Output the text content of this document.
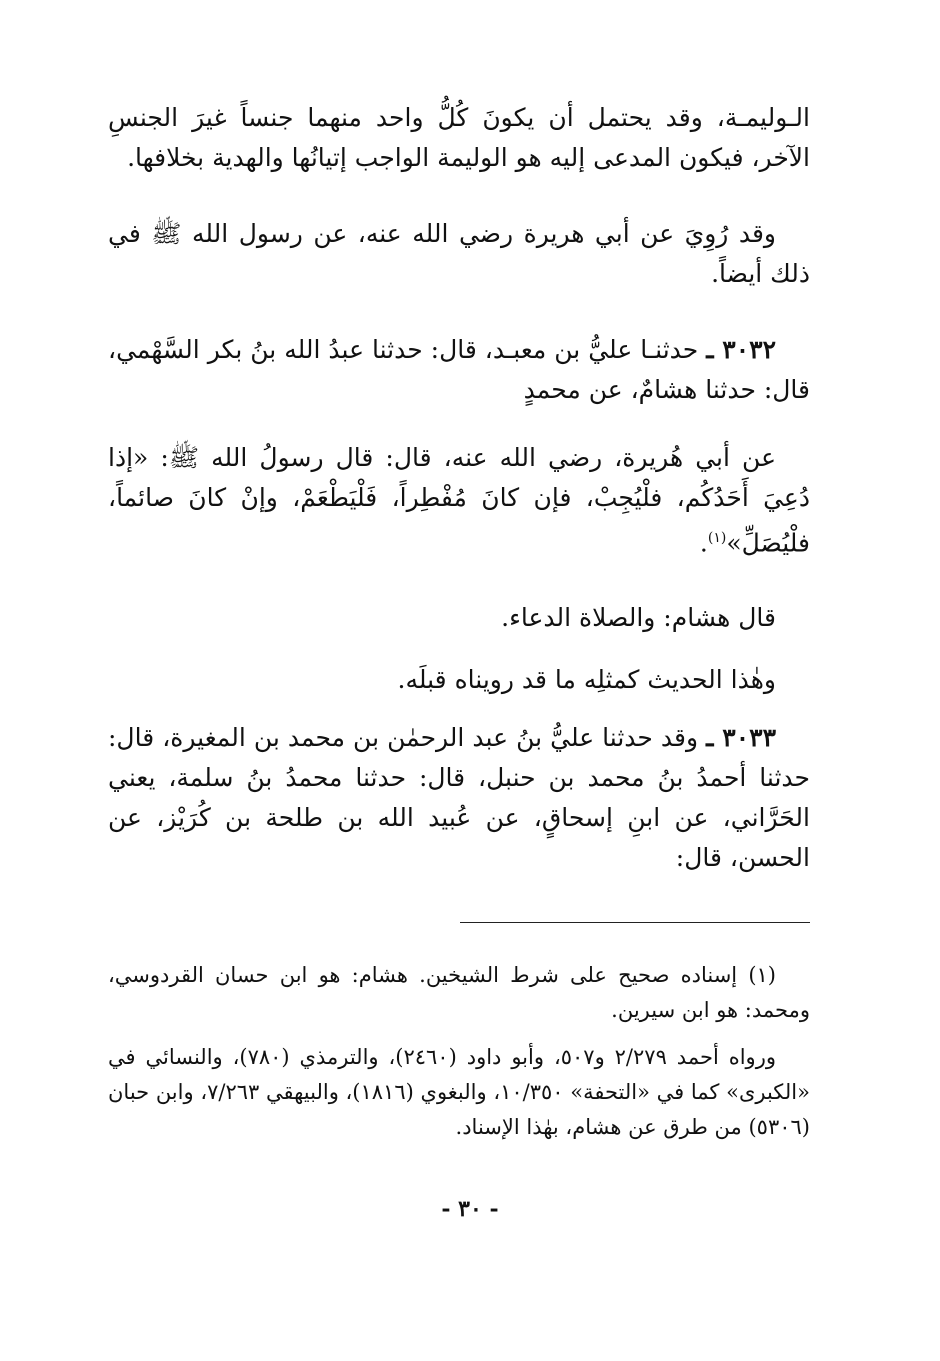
الـوليمـة، وقد يحتمل أن يكونَ كُلُّ واحد منهما جنساً غيرَ الجنسِ الآخر، فيكون المدعى إليه هو الوليمة الواجب إتيانُها والهدية بخلافها.

وقد رُوِيَ عن أبي هريرة رضي الله عنه، عن رسول الله ﷺ في ذلك أيضاً.

٣٠٣٢ ـ حدثنـا عليُّ بن معبـد، قال: حدثنا عبدُ الله بنُ بكر السَّهْمي، قال: حدثنا هشامٌ، عن محمدٍ

عن أبي هُريرة، رضي الله عنه، قال: قال رسولُ الله ﷺ: «إذا دُعِيَ أَحَدُكُم، فلْيُجِبْ، فإن كانَ مُفْطِراً، فَلْيَطْعَمْ، وإنْ كانَ صائماً، فلْيُصَلِّ»$^{(١)}$.

قال هشام: والصلاة الدعاء.

وهٰذا الحديث كمثلِه ما قد رويناه قبلَه.

٣٠٣٣ ـ وقد حدثنا عليُّ بنُ عبد الرحمٰن بن محمد بن المغيرة، قال: حدثنا أحمدُ بنُ محمد بن حنبل، قال: حدثنا محمدُ بنُ سلمة، يعني الحَرَّاني، عن ابنِ إسحاقٍ، عن عُبيد الله بن طلحة بن كُرَيْز، عن الحسن، قال:

(١) إسناده صحيح على شرط الشيخين. هشام: هو ابن حسان القردوسي، ومحمد: هو ابن سيرين.

ورواه أحمد ٢/٢٧٩ و٥٠٧، وأبو داود (٢٤٦٠)، والترمذي (٧٨٠)، والنسائي في «الكبرى» كما في «التحفة» ١٠/٣٥٠، والبغوي (١٨١٦)، والبيهقي ٧/٢٦٣، وابن حبان (٥٣٠٦) من طرق عن هشام، بهٰذا الإسناد.

- ٣٠ -
